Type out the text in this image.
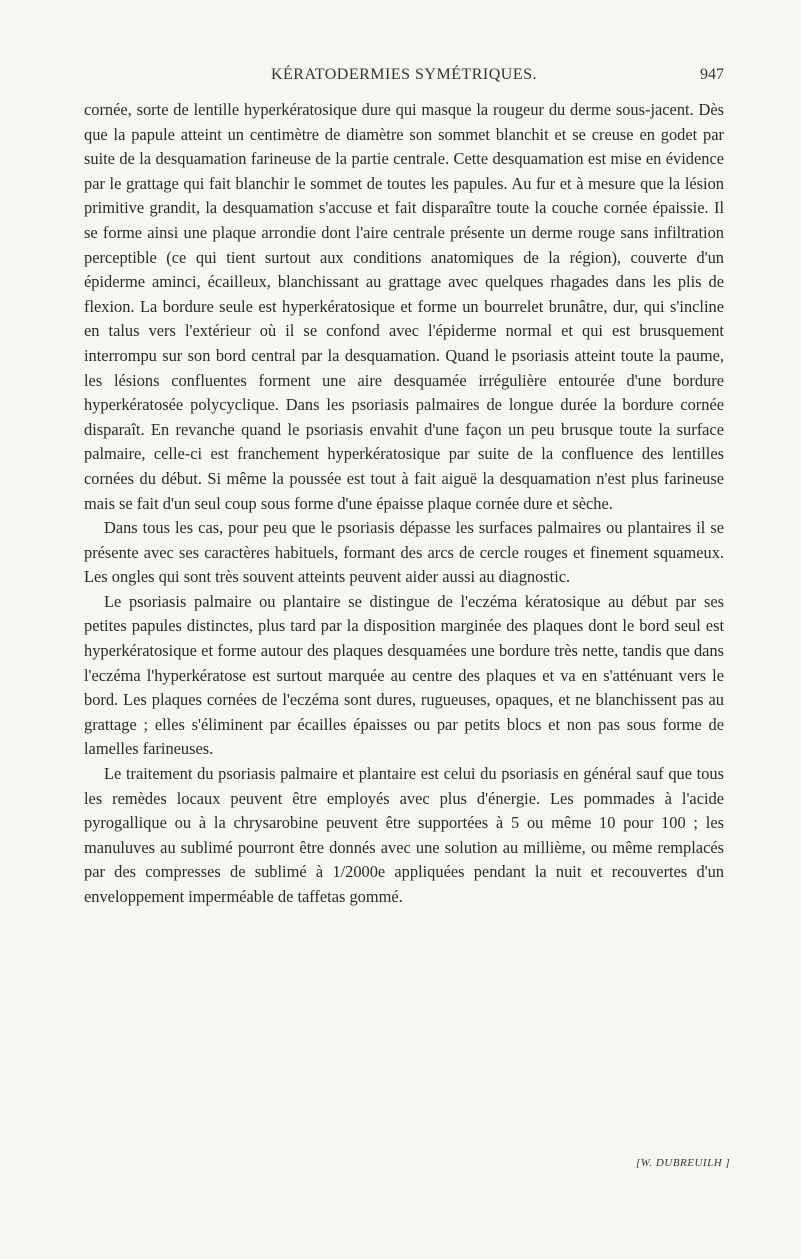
KÉRATODERMIES SYMÉTRIQUES.	947

cornée, sorte de lentille hyperkératosique dure qui masque la rougeur du derme sous-jacent. Dès que la papule atteint un centimètre de diamètre son sommet blanchit et se creuse en godet par suite de la desquamation farineuse de la partie centrale. Cette desquamation est mise en évidence par le grattage qui fait blanchir le sommet de toutes les papules. Au fur et à mesure que la lésion primitive grandit, la desquamation s'accuse et fait disparaître toute la couche cornée épaissie. Il se forme ainsi une plaque arrondie dont l'aire centrale présente un derme rouge sans infiltration perceptible (ce qui tient surtout aux conditions anatomiques de la région), couverte d'un épiderme aminci, écailleux, blanchissant au grattage avec quelques rhagades dans les plis de flexion. La bordure seule est hyperkératosique et forme un bourrelet brunâtre, dur, qui s'incline en talus vers l'extérieur où il se confond avec l'épiderme normal et qui est brusquement interrompu sur son bord central par la desquamation. Quand le psoriasis atteint toute la paume, les lésions confluentes forment une aire desquamée irrégulière entourée d'une bordure hyperkératosée polycyclique. Dans les psoriasis palmaires de longue durée la bordure cornée disparaît. En revanche quand le psoriasis envahit d'une façon un peu brusque toute la surface palmaire, celle-ci est franchement hyperkératosique par suite de la confluence des lentilles cornées du début. Si même la poussée est tout à fait aiguë la desquamation n'est plus farineuse mais se fait d'un seul coup sous forme d'une épaisse plaque cornée dure et sèche.

Dans tous les cas, pour peu que le psoriasis dépasse les surfaces palmaires ou plantaires il se présente avec ses caractères habituels, formant des arcs de cercle rouges et finement squameux. Les ongles qui sont très souvent atteints peuvent aider aussi au diagnostic.

Le psoriasis palmaire ou plantaire se distingue de l'eczéma kératosique au début par ses petites papules distinctes, plus tard par la disposition marginée des plaques dont le bord seul est hyperkératosique et forme autour des plaques desquamées une bordure très nette, tandis que dans l'eczéma l'hyperkératose est surtout marquée au centre des plaques et va en s'atténuant vers le bord. Les plaques cornées de l'eczéma sont dures, rugueuses, opaques, et ne blanchissent pas au grattage ; elles s'éliminent par écailles épaisses ou par petits blocs et non pas sous forme de lamelles farineuses.

Le traitement du psoriasis palmaire et plantaire est celui du psoriasis en général sauf que tous les remèdes locaux peuvent être employés avec plus d'énergie. Les pommades à l'acide pyrogallique ou à la chrysarobine peuvent être supportées à 5 ou même 10 pour 100 ; les manuluves au sublimé pourront être donnés avec une solution au millième, ou même remplacés par des compresses de sublimé à 1/2000e appliquées pendant la nuit et recouvertes d'un enveloppement imperméable de taffetas gommé.

[W. DUBREUILH ]
